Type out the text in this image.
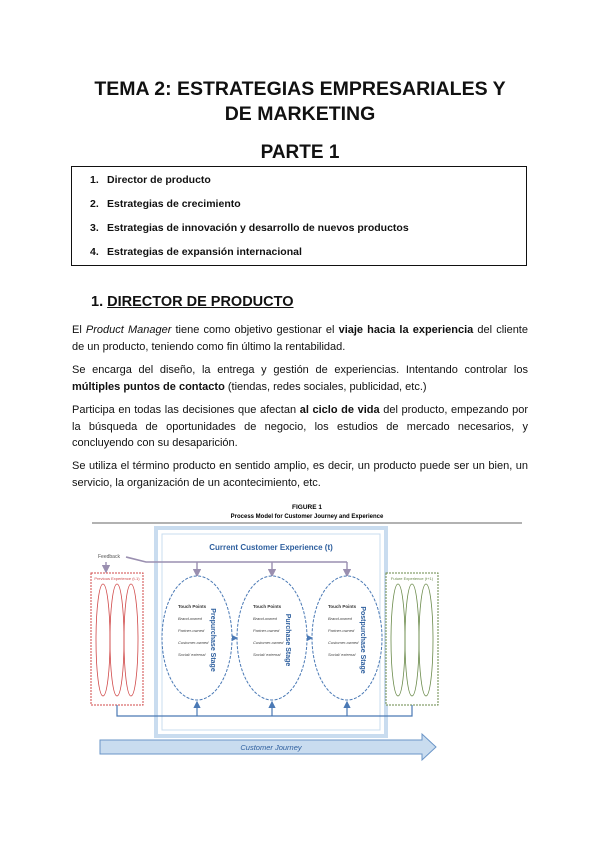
TEMA 2: ESTRATEGIAS EMPRESARIALES Y
DE MARKETING
PARTE 1
1. Director de producto
2. Estrategias de crecimiento
3. Estrategias de innovación y desarrollo de nuevos productos
4. Estrategias de expansión internacional
1. DIRECTOR DE PRODUCTO
El Product Manager tiene como objetivo gestionar el viaje hacia la experiencia del cliente de un producto, teniendo como fin último la rentabilidad.
Se encarga del diseño, la entrega y gestión de experiencias. Intentando controlar los múltiples puntos de contacto (tiendas, redes sociales, publicidad, etc.)
Participa en todas las decisiones que afectan al ciclo de vida del producto, empezando por la búsqueda de oportunidades de negocio, los estudios de mercado necesarios, y concluyendo con su desaparición.
Se utiliza el término producto en sentido amplio, es decir, un producto puede ser un bien, un servicio, la organización de un acontecimiento, etc.
FIGURE 1
Process Model for Customer Journey and Experience
Current Customer Experience (t)
Feedback
Previous Experience (t-1)	Future Experience (t+1)
Touch Points
Brand-owned
Partner-owned
Customer-owned
Social/ external Prepurchase Stage
Touch Points
Brand-owned
Partner-owned
Customer-owned
Social/ external Purchase Stage
Touch Points
Brand-owned
Partner-owned
Customer-owned
Social/ external Postpurchase Stage
Customer Journey
